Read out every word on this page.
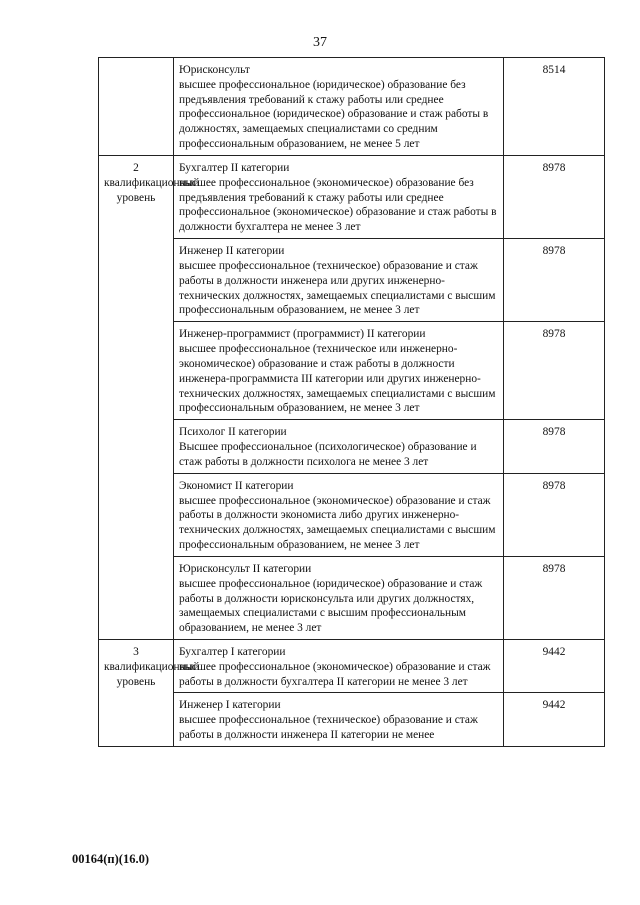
37

	Юрисконсульт
высшее профессиональное (юридическое) образование без предъявления требований к стажу работы или среднее профессиональное (юридическое) образование и стаж работы в должностях, замещаемых специалистами со средним профессиональным образованием, не менее 5 лет	8514
2 квалификационный уровень	Бухгалтер II категории
высшее профессиональное (экономическое) образование без предъявления требований к стажу работы или среднее профессиональное (экономическое) образование и стаж работы в должности бухгалтера не менее 3 лет	8978

	Инженер II категории
высшее профессиональное (техническое) образование и стаж работы в должности инженера или других инженерно-технических должностях, замещаемых специалистами с высшим профессиональным образованием, не менее 3 лет	8978

	Инженер-программист (программист) II категории
высшее профессиональное (техническое или инженерно-экономическое) образование и стаж работы в должности инженера-программиста III категории или других инженерно-технических должностях, замещаемых специалистами с высшим профессиональным образованием, не менее 3 лет	8978

	Психолог II категории
Высшее профессиональное (психологическое) образование и стаж работы в должности психолога не менее 3 лет	8978

	Экономист II категории
высшее профессиональное (экономическое) образование и стаж работы в должности экономиста либо других инженерно-технических должностях, замещаемых специалистами с высшим профессиональным образованием, не менее 3 лет	8978

	Юрисконсульт II категории
высшее профессиональное (юридическое) образование и стаж работы в должности юрисконсульта или других должностях, замещаемых специалистами с высшим профессиональным образованием, не менее 3 лет	8978
3 квалификационный уровень	Бухгалтер I категории
высшее профессиональное (экономическое) образование и стаж работы в должности бухгалтера II категории не менее 3 лет	9442

	Инженер I категории
высшее профессиональное (техническое) образование и стаж работы в должности инженера II категории не менее	9442
00164(п)(16.0)
